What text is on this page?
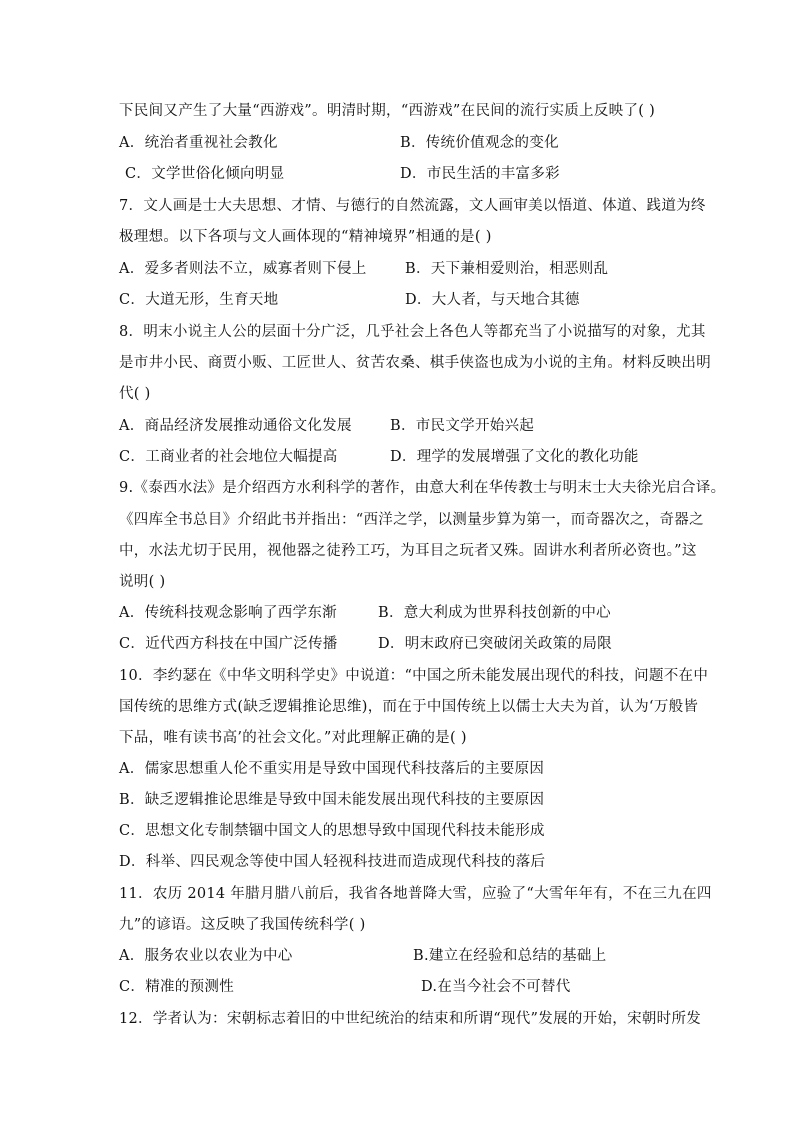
下民间又产生了大量“西游戏”。明清时期，“西游戏”在民间的流行实质上反映了( )
A．统治者重视社会教化	B．传统价值观念的变化
C．文学世俗化倾向明显	D．市民生活的丰富多彩
7．文人画是士大夫思想、才情、与德行的自然流露，文人画审美以悟道、体道、践道为终
极理想。以下各项与文人画体现的“精神境界”相通的是( )
A．爱多者则法不立，威寡者则下侵上	B．天下兼相爱则治，相恶则乱
C．大道无形，生育天地	D．大人者，与天地合其德
8．明末小说主人公的层面十分广泛，几乎社会上各色人等都充当了小说描写的对象，尤其
是市井小民、商贾小贩、工匠世人、贫苦农桑、棋手侠盗也成为小说的主角。材料反映出明
代( )
A．商品经济发展推动通俗文化发展	B．市民文学开始兴起
C．工商业者的社会地位大幅提高	D．理学的发展增强了文化的教化功能
9.《泰西水法》是介绍西方水利科学的著作，由意大利在华传教士与明末士大夫徐光启合译。
《四库全书总目》介绍此书并指出：“西洋之学，以测量步算为第一，而奇器次之，奇器之
中，水法尤切于民用，视他器之徒矜工巧，为耳目之玩者又殊。固讲水利者所必资也。”这
说明( )
A．传统科技观念影响了西学东渐	B．意大利成为世界科技创新的中心
C．近代西方科技在中国广泛传播	D．明末政府已突破闭关政策的局限
10．李约瑟在《中华文明科学史》中说道：“中国之所未能发展出现代的科技，问题不在中
国传统的思维方式(缺乏逻辑推论思维)，而在于中国传统上以儒士大夫为首，认为‘万般皆
下品，唯有读书高’的社会文化。”对此理解正确的是( )
A．儒家思想重人伦不重实用是导致中国现代科技落后的主要原因
B．缺乏逻辑推论思维是导致中国未能发展出现代科技的主要原因
C．思想文化专制禁锢中国文人的思想导致中国现代科技未能形成
D．科举、四民观念等使中国人轻视科技进而造成现代科技的落后
11．农历 2014 年腊月腊八前后，我省各地普降大雪，应验了“大雪年年有，不在三九在四
九”的谚语。这反映了我国传统科学( )
A．服务农业以农业为中心	B.建立在经验和总结的基础上
C．精准的预测性	D.在当今社会不可替代
12．学者认为：宋朝标志着旧的中世纪统治的结束和所谓“现代”发展的开始，宋朝时所发
